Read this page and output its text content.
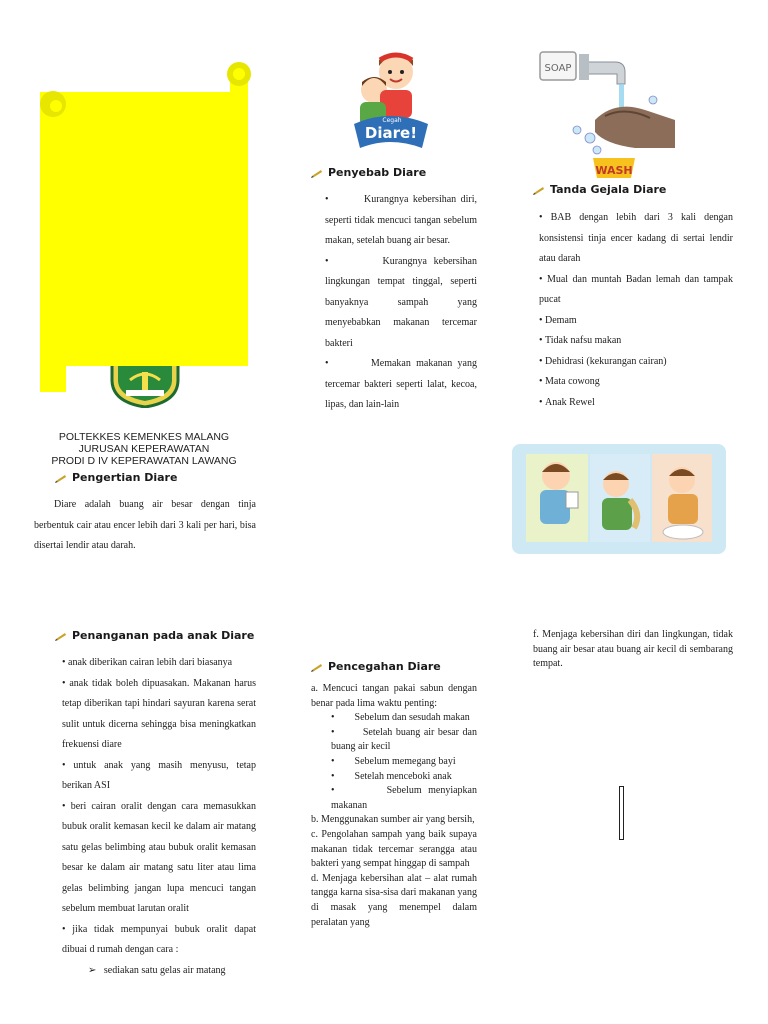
POLTEKKES KEMENKES MALANG
JURUSAN KEPERAWATAN
PRODI D IV KEPERAWATAN LAWANG
Pengertian Diare
Diare adalah buang air besar dengan tinja berbentuk cair atau encer lebih dari 3 kali per hari, bisa disertai lendir atau darah.
Diare!
Cegah
Penyebab Diare
•        Kurangnya kebersihan diri, seperti tidak mencuci tangan sebelum makan, setelah buang air besar.
•        Kurangnya kebersihan lingkungan tempat tinggal, seperti banyaknya sampah yang menyebabkan makanan tercemar bakteri
•        Memakan makanan yang tercemar bakteri seperti lalat, kecoa, lipas, dan lain-lain
SOAP
WASH
Tanda Gejala Diare
• BAB dengan lebih dari 3 kali dengan konsistensi tinja encer kadang di sertai lendir atau darah
• Mual dan muntah Badan lemah dan tampak pucat
• Demam
• Tidak nafsu makan
• Dehidrasi (kekurangan cairan)
• Mata cowong
• Anak Rewel
Penanganan pada anak Diare
• anak diberikan cairan lebih dari biasanya
• anak tidak boleh dipuasakan. Makanan harus tetap diberikan tapi hindari sayuran karena serat sulit untuk dicerna sehingga bisa meningkatkan frekuensi diare
• untuk anak yang masih menyusu, tetap berikan ASI
• beri cairan oralit dengan cara memasukkan bubuk oralit kemasan kecil ke dalam air matang satu gelas belimbing atau bubuk oralit kemasan besar ke dalam air matang satu liter atau lima gelas belimbing jangan lupa mencuci tangan sebelum membuat larutan oralit
• jika tidak mempunyai bubuk oralit dapat dibuai d rumah dengan cara :
➢   sediakan satu gelas air matang
Pencegahan Diare
a. Mencuci tangan pakai sabun dengan benar pada lima waktu penting:
•        Sebelum dan sesudah makan
•        Setelah buang air besar dan buang air kecil
•        Sebelum memegang bayi
•        Setelah menceboki anak
•        Sebelum menyiapkan makanan
b. Menggunakan sumber air yang bersih,
c. Pengolahan sampah yang baik supaya makanan tidak tercemar serangga atau bakteri yang sempat hinggap di sampah
d. Menjaga kebersihan alat – alat rumah tangga karna sisa-sisa dari makanan yang di masak yang menempel dalam peralatan yang
f. Menjaga kebersihan diri dan lingkungan, tidak buang air besar atau buang air kecil di sembarang tempat.
